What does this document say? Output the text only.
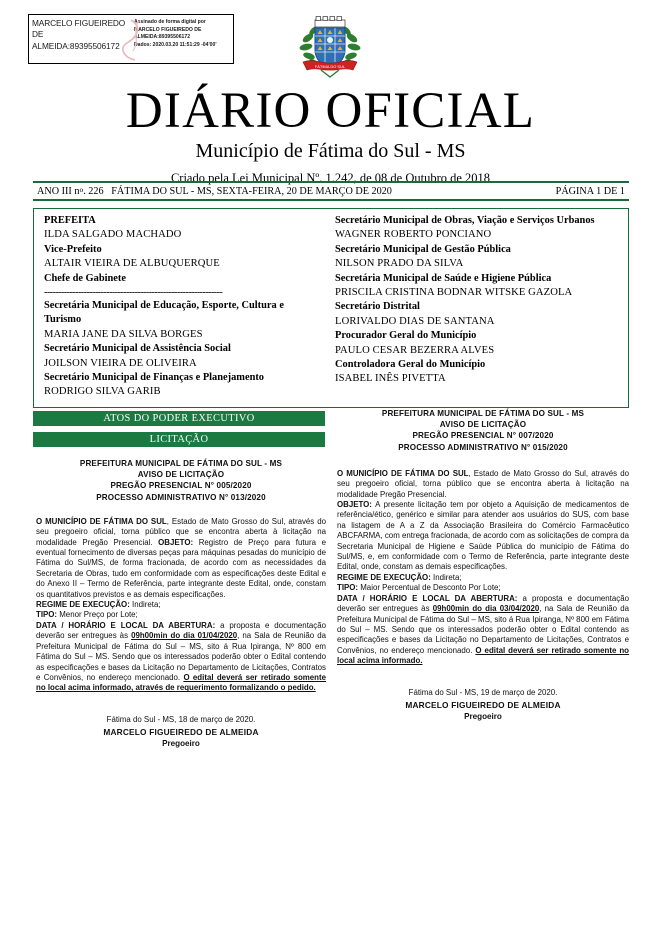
MARCELO FIGUEIREDO DE ALMEIDA:89395506172
Assinado de forma digital por
MARCELO FIGUEIREDO DE
ALMEIDA:89395506172
Dados: 2020.03.20 11:51:29 -04'00'
FÁTIMA DO SUL
DIÁRIO OFICIAL
Município de Fátima do Sul - MS
Criado pela Lei Municipal Nº. 1.242, de 08 de Outubro de 2018
ANO III $n^o$. 226 FÁTIMA DO SUL - MS, SEXTA-FEIRA, 20 DE MARÇO DE 2020	PÁGINA 1 DE 1
PREFEITA
ILDA SALGADO MACHADO
Vice-Prefeito
ALTAIR VIEIRA DE ALBUQUERQUE
Chefe de Gabinete
---------------------------------------------------------------
Secretária Municipal de Educação, Esporte, Cultura e Turismo
MARIA JANE DA SILVA BORGES
Secretário Municipal de Assistência Social
JOILSON VIEIRA DE OLIVEIRA
Secretário Municipal de Finanças e Planejamento
RODRIGO SILVA GARIB
Secretário Municipal de Obras, Viação e Serviços Urbanos
WAGNER ROBERTO PONCIANO
Secretário Municipal de Gestão Pública
NILSON PRADO DA SILVA
Secretária Municipal de Saúde e Higiene Pública
PRISCILA CRISTINA BODNAR WITSKE GAZOLA
Secretário Distrital
LORIVALDO DIAS DE SANTANA
Procurador Geral do Município
PAULO CESAR BEZERRA ALVES
Controladora Geral do Município
ISABEL INÊS PIVETTA
ATOS DO PODER EXECUTIVO
LICITAÇÃO
PREFEITURA MUNICIPAL DE FÁTIMA DO SUL - MS
AVISO DE LICITAÇÃO
PREGÃO PRESENCIAL N° 005/2020
PROCESSO ADMINISTRATIVO N° 013/2020

O MUNICÍPIO DE FÁTIMA DO SUL, Estado de Mato Grosso do Sul, através do seu pregoeiro oficial, torna público que se encontra aberta à licitação na modalidade Pregão Presencial. OBJETO: Registro de Preço para futura e eventual fornecimento de diversas peças para máquinas pesadas do município de Fátima do Sul/MS, de forma fracionada, de acordo com as necessidades da Secretaria de Obras, tudo em conformidade com as especificações deste Edital e do Anexo II – Termo de Referência, parte integrante deste Edital, onde, constam os quantitativos previstos e as demais especificações.

REGIME DE EXECUÇÃO: Indireta;

TIPO: Menor Preço por Lote;

DATA / HORÁRIO E LOCAL DA ABERTURA: a proposta e documentação deverão ser entregues às 09h00min do dia 01/04/2020, na Sala de Reunião da Prefeitura Municipal de Fátima do Sul – MS, sito á Rua Ipiranga, Nº 800 em Fátima do Sul – MS. Sendo que os interessados poderão obter o Edital contendo as especificações e bases da Licitação no Departamento de Licitações, Contratos e Convênios, no endereço mencionado. O edital deverá ser retirado somente no local acima informado, através de requerimento formalizando o pedido.

Fátima do Sul - MS, 18 de março de 2020.
MARCELO FIGUEIREDO DE ALMEIDA
Pregoeiro
PREFEITURA MUNICIPAL DE FÁTIMA DO SUL - MS
AVISO DE LICITAÇÃO
PREGÃO PRESENCIAL N° 007/2020
PROCESSO ADMINISTRATIVO N° 015/2020

O MUNICÍPIO DE FÁTIMA DO SUL, Estado de Mato Grosso do Sul, através do seu pregoeiro oficial, torna público que se encontra aberta à licitação na modalidade Pregão Presencial.

OBJETO: A presente licitação tem por objeto a Aquisição de medicamentos de referência/ético, genérico e similar para atender aos usuários do SUS, com base na listagem de A a Z da Associação Brasileira do Comércio Farmacêutico ABCFARMA, com entrega fracionada, de acordo com as solicitações de compra da Secretaria Municipal de Higiene e Saúde Pública do município de Fátima do Sul/MS, e, em conformidade com o Termo de Referência, parte integrante deste Edital, onde, constam as demais especificações.

REGIME DE EXECUÇÃO: Indireta;

TIPO: Maior Percentual de Desconto Por Lote;

DATA / HORÁRIO E LOCAL DA ABERTURA: a proposta e documentação deverão ser entregues às 09h00min do dia 03/04/2020, na Sala de Reunião da Prefeitura Municipal de Fátima do Sul – MS, sito á Rua Ipiranga, Nº 800 em Fátima do Sul – MS. Sendo que os interessados poderão obter o Edital contendo as especificações e bases da Licitação no Departamento de Licitações, Contratos e Convênios, no endereço mencionado. O edital deverá ser retirado somente no local acima informado.

Fátima do Sul - MS, 19 de março de 2020.
MARCELO FIGUEIREDO DE ALMEIDA
Pregoeiro
